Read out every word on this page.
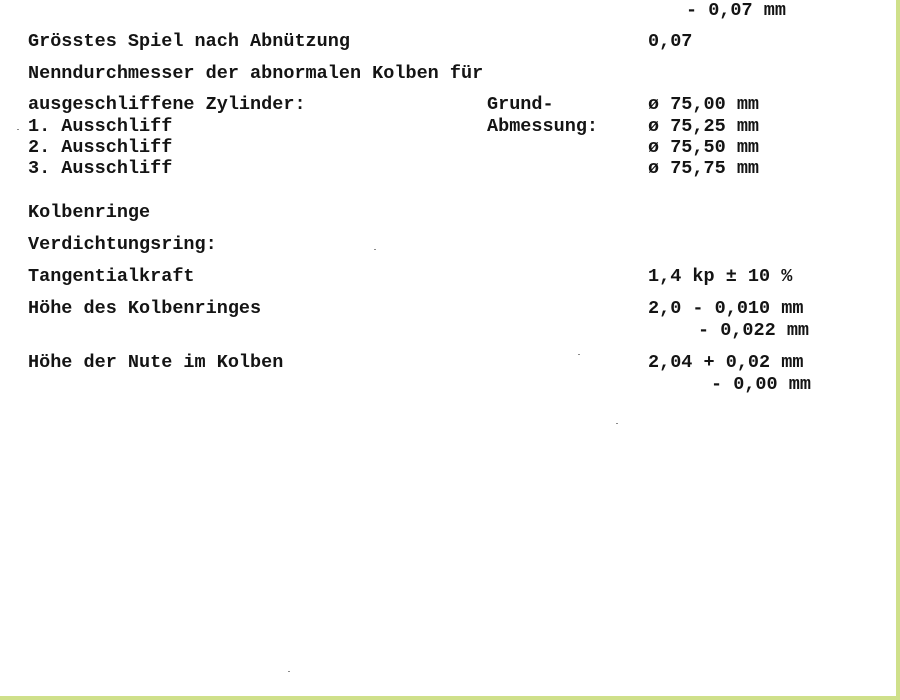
- 0,07 mm

Grösstes Spiel nach Abnützung	0,07

Nenndurchmesser der abnormalen Kolben für

ausgeschliffene Zylinder:	Grund-	ø 75,00 mm

1. Ausschliff	Abmessung:	ø 75,25 mm

2. Ausschliff	ø 75,50 mm

3. Ausschliff	ø 75,75 mm

Kolbenringe

Verdichtungsring:

Tangentialkraft	1,4 kp ± 10 %

Höhe des Kolbenringes	2,0 - 0,010 mm

- 0,022 mm

Höhe der Nute im Kolben	2,04 + 0,02 mm

- 0,00 mm
